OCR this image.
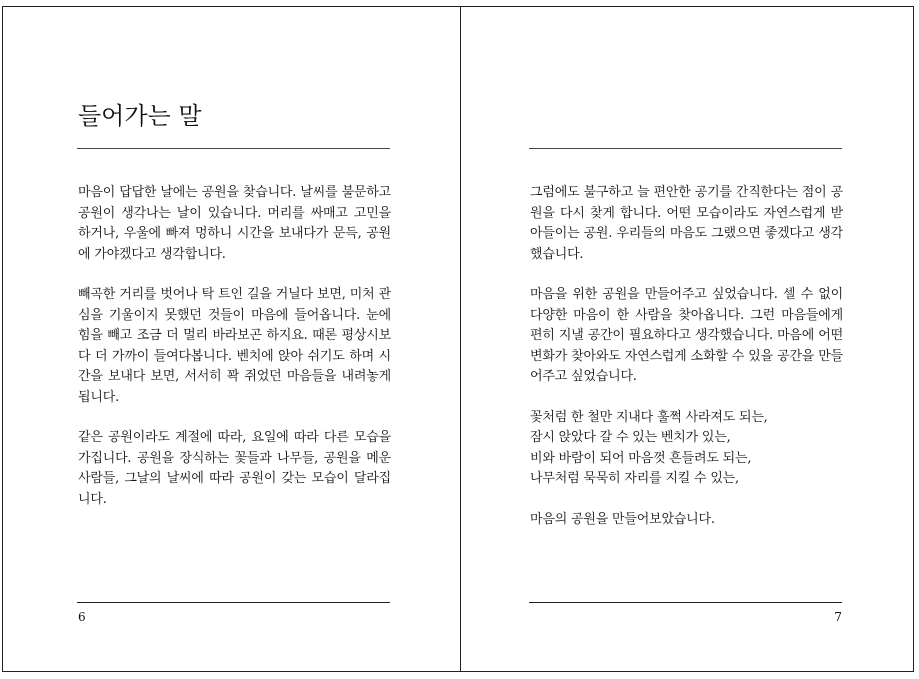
들어가는 말

마음이 답답한 날에는 공원을 찾습니다. 날씨를 불문하고 공원이 생각나는 날이 있습니다. 머리를 싸매고 고민을 하거나, 우울에 빠져 멍하니 시간을 보내다가 문득, 공원에 가야겠다고 생각합니다.

빼곡한 거리를 벗어나 탁 트인 길을 거닐다 보면, 미처 관심을 기울이지 못했던 것들이 마음에 들어옵니다. 눈에 힘을 빼고 조금 더 멀리 바라보곤 하지요. 때론 평상시보다 더 가까이 들여다봅니다. 벤치에 앉아 쉬기도 하며 시간을 보내다 보면, 서서히 꽉 쥐었던 마음들을 내려놓게 됩니다.

같은 공원이라도 계절에 따라, 요일에 따라 다른 모습을 가집니다. 공원을 장식하는 꽃들과 나무들, 공원을 메운 사람들, 그날의 날씨에 따라 공원이 갖는 모습이 달라집니다.

6

그럼에도 불구하고 늘 편안한 공기를 간직한다는 점이 공원을 다시 찾게 합니다. 어떤 모습이라도 자연스럽게 받아들이는 공원. 우리들의 마음도 그랬으면 좋겠다고 생각했습니다.

마음을 위한 공원을 만들어주고 싶었습니다. 셀 수 없이 다양한 마음이 한 사람을 찾아옵니다. 그런 마음들에게 편히 지낼 공간이 필요하다고 생각했습니다. 마음에 어떤 변화가 찾아와도 자연스럽게 소화할 수 있을 공간을 만들어주고 싶었습니다.

꽃처럼 한 철만 지내다 훌쩍 사라져도 되는,
잠시 앉았다 갈 수 있는 벤치가 있는,
비와 바람이 되어 마음껏 흔들려도 되는,
나무처럼 묵묵히 자리를 지킬 수 있는,

마음의 공원을 만들어보았습니다.

7
